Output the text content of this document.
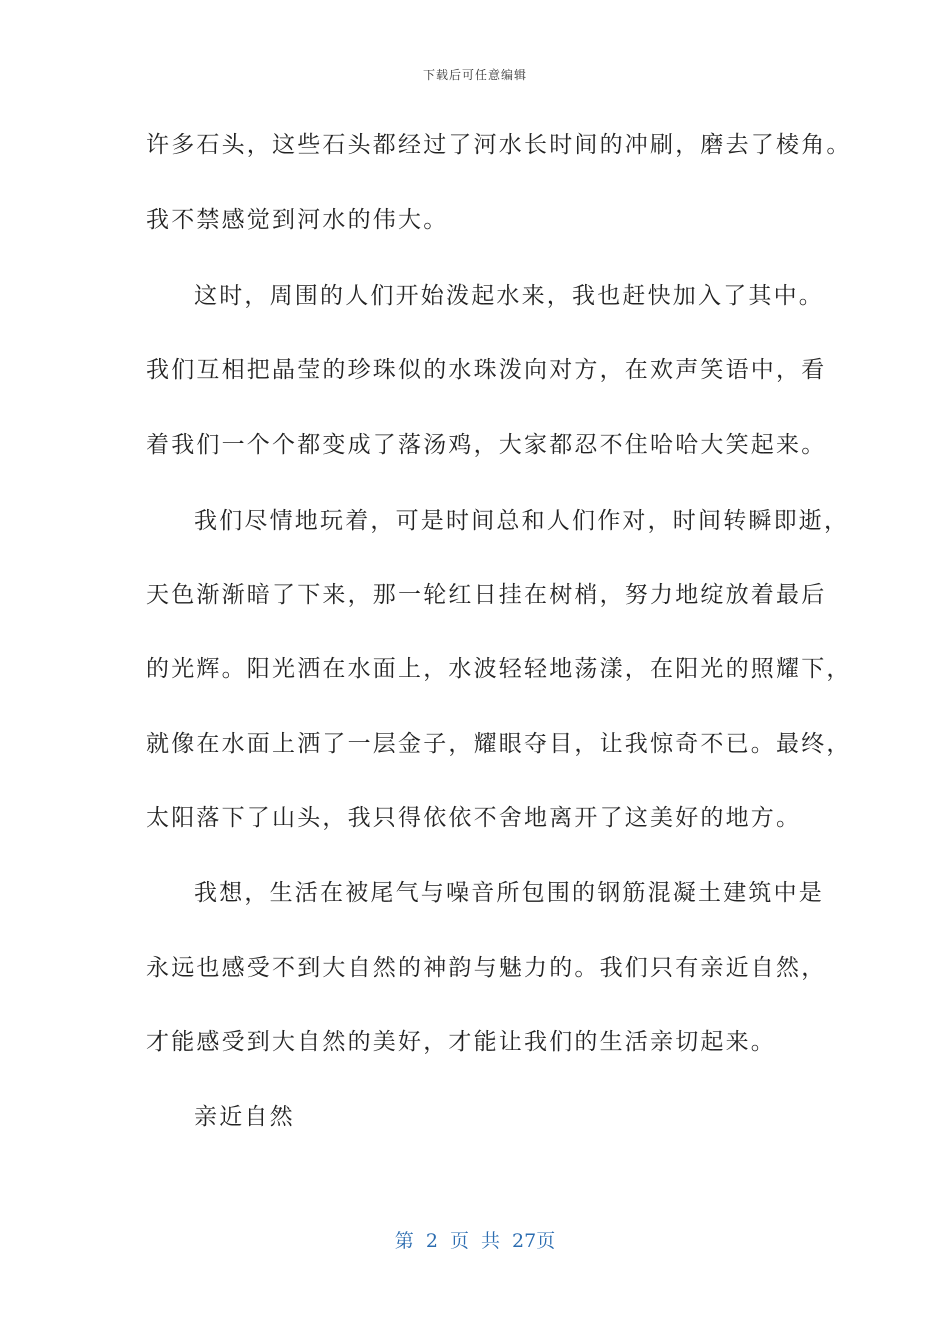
下载后可任意编辑
许多石头，这些石头都经过了河水长时间的冲刷，磨去了棱角。
我不禁感觉到河水的伟大。
这时，周围的人们开始泼起水来，我也赶快加入了其中。
我们互相把晶莹的珍珠似的水珠泼向对方，在欢声笑语中，看
着我们一个个都变成了落汤鸡，大家都忍不住哈哈大笑起来。
我们尽情地玩着，可是时间总和人们作对，时间转瞬即逝，
天色渐渐暗了下来，那一轮红日挂在树梢，努力地绽放着最后
的光辉。阳光洒在水面上，水波轻轻地荡漾，在阳光的照耀下，
就像在水面上洒了一层金子，耀眼夺目，让我惊奇不已。最终，
太阳落下了山头，我只得依依不舍地离开了这美好的地方。
我想，生活在被尾气与噪音所包围的钢筋混凝土建筑中是
永远也感受不到大自然的神韵与魅力的。我们只有亲近自然，
才能感受到大自然的美好，才能让我们的生活亲切起来。
亲近自然
第 2 页 共 27页
